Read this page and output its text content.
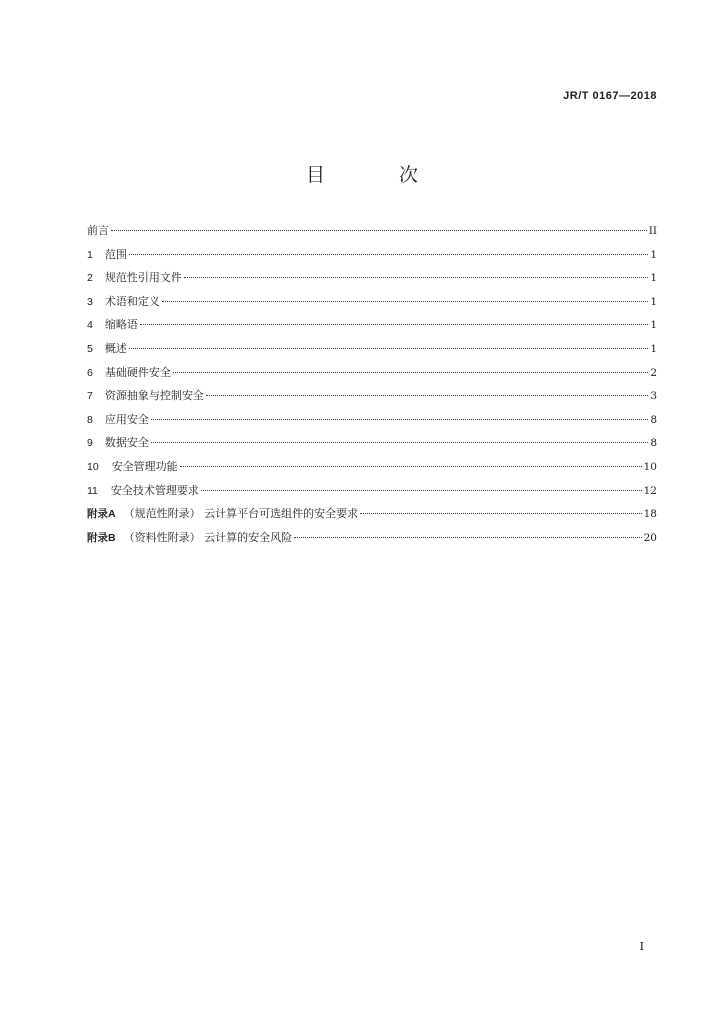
JR/T 0167—2018
目 次
前言	II
1 范围	1
2 规范性引用文件	1
3 术语和定义	1
4 缩略语	1
5 概述	1
6 基础硬件安全	2
7 资源抽象与控制安全	3
8 应用安全	8
9 数据安全	8
10 安全管理功能	10
11 安全技术管理要求	12
附录A （规范性附录） 云计算平台可选组件的安全要求	18
附录B （资料性附录） 云计算的安全风险	20
I
